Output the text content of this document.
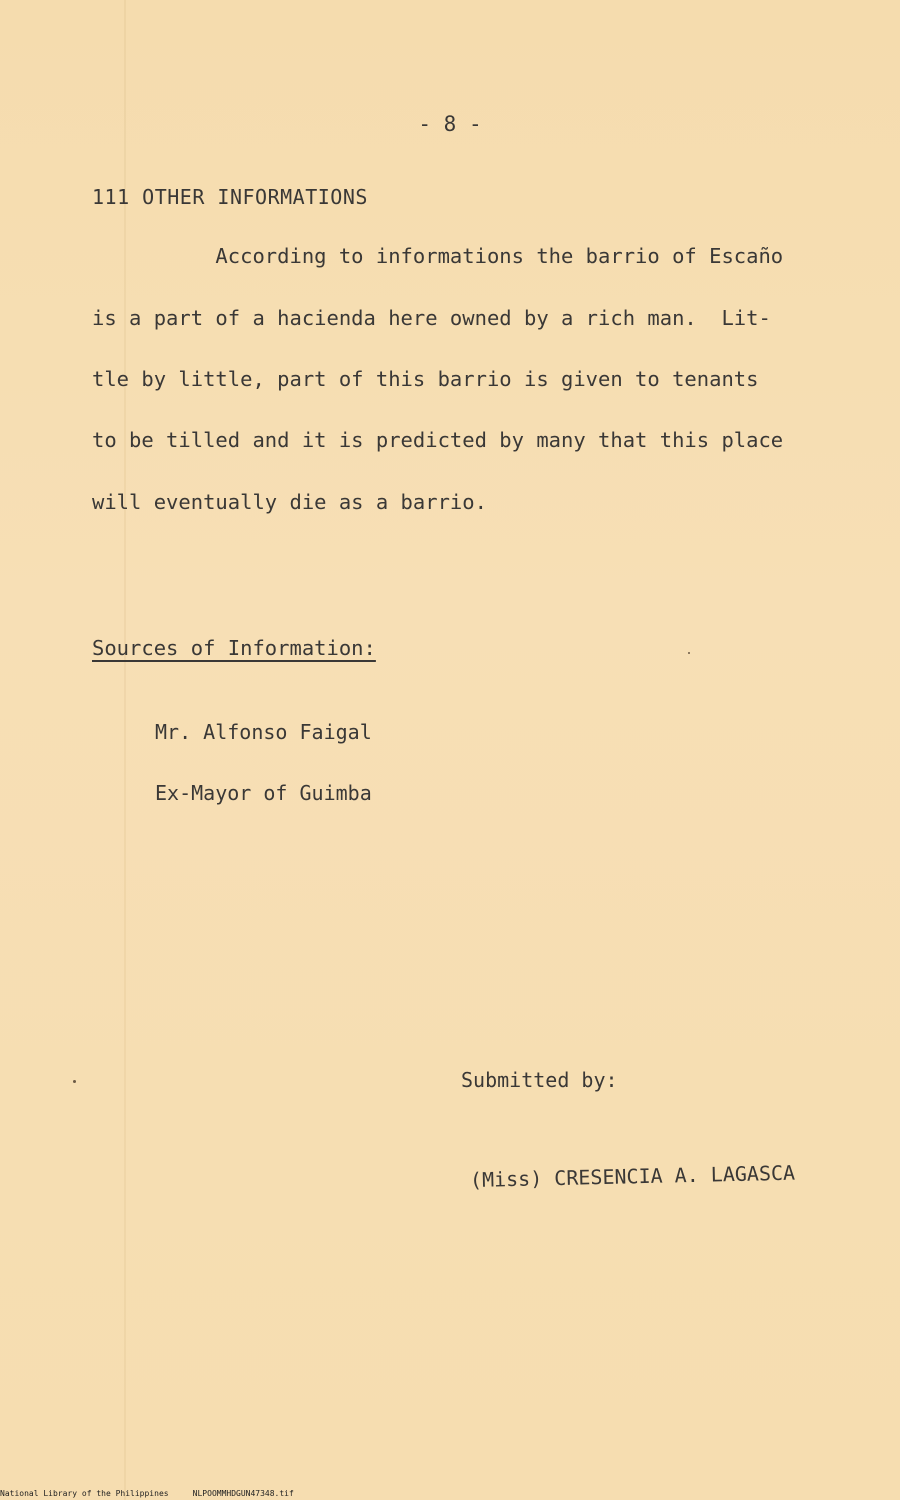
- 8 -
111 OTHER INFORMATIONS
According to informations the barrio of Escaño
is a part of a hacienda here owned by a rich man.  Lit-
tle by little, part of this barrio is given to tenants
to be tilled and it is predicted by many that this place
will eventually die as a barrio.
Sources of Information:
Mr. Alfonso Faigal
Ex-Mayor of Guimba
Submitted by:
(Miss) CRESENCIA A. LAGASCA
National Library of the Philippines	NLPOOMMHDGUN47348.tif
